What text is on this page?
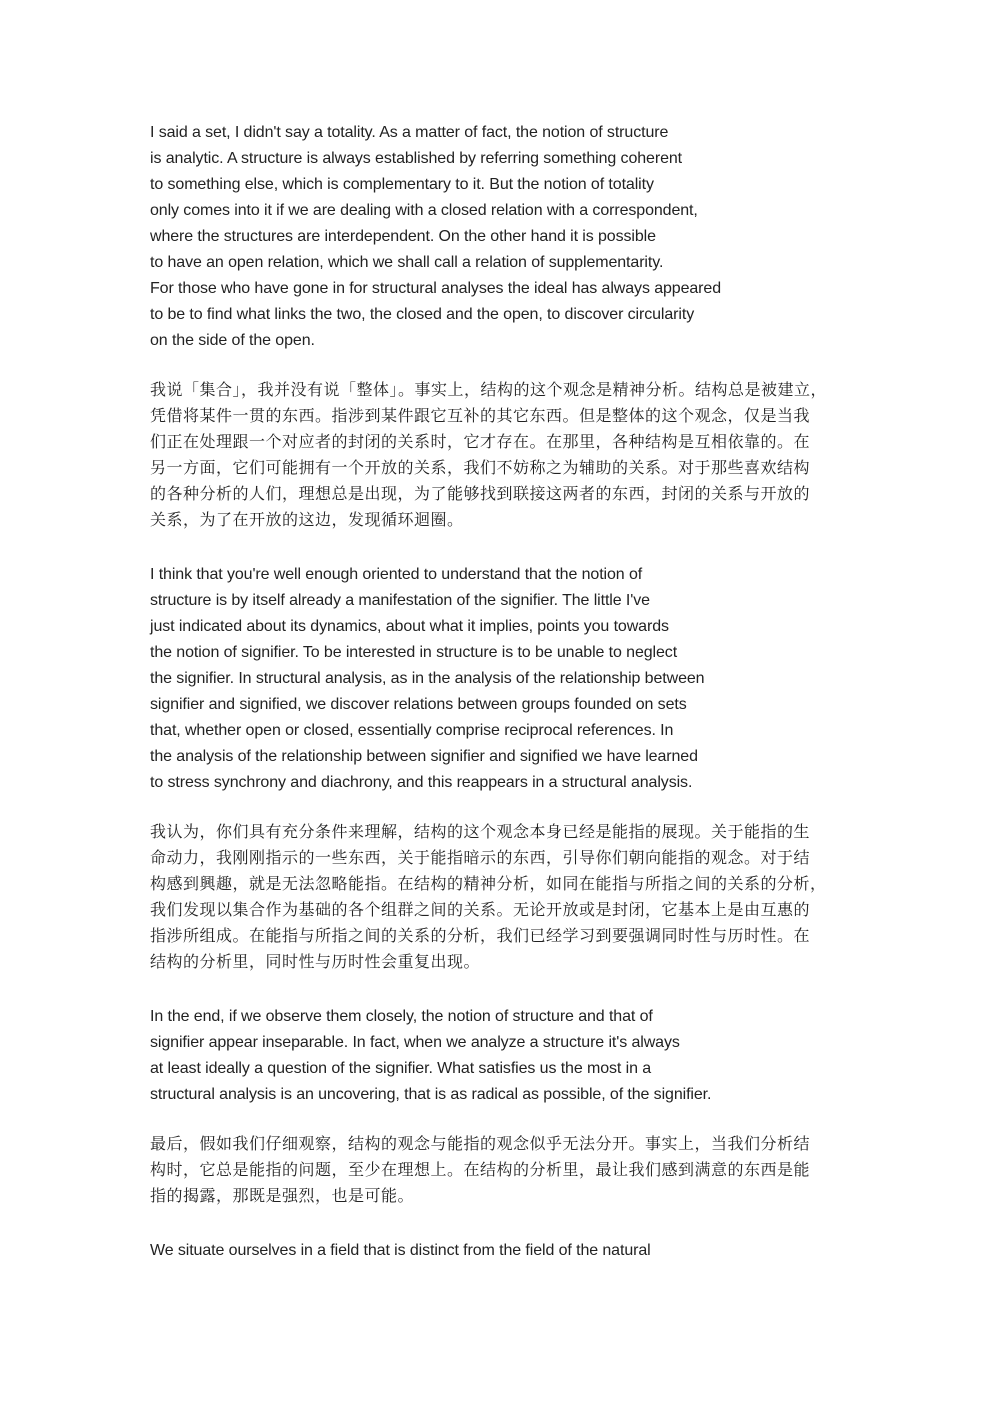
I said a set, I didn't say a totality. As a matter of fact, the notion of structure
is analytic. A structure is always established by referring something coherent
to something else, which is complementary to it. But the notion of totality
only comes into it if we are dealing with a closed relation with a correspondent,
where the structures are interdependent. On the other hand it is possible
to have an open relation, which we shall call a relation of supplementarity.
For those who have gone in for structural analyses the ideal has always appeared
to be to find what links the two, the closed and the open, to discover circularity
on the side of the open.

我说「集合」，我并没有说「整体」。事实上，结构的这个观念是精神分析。结构总是被建立，
凭借将某件一贯的东西。指涉到某件跟它互补的其它东西。但是整体的这个观念，仅是当我
们正在处理跟一个对应者的封闭的关系时，它才存在。在那里，各种结构是互相依靠的。在
另一方面，它们可能拥有一个开放的关系，我们不妨称之为辅助的关系。对于那些喜欢结构
的各种分析的人们，理想总是出现，为了能够找到联接这两者的东西，封闭的关系与开放的
关系，为了在开放的这边，发现循环迴圈。

I think that you're well enough oriented to understand that the notion of
structure is by itself already a manifestation of the signifier. The little I've
just indicated about its dynamics, about what it implies, points you towards
the notion of signifier. To be interested in structure is to be unable to neglect
the signifier. In structural analysis, as in the analysis of the relationship between
signifier and signified, we discover relations between groups founded on sets
that, whether open or closed, essentially comprise reciprocal references. In
the analysis of the relationship between signifier and signified we have learned
to stress synchrony and diachrony, and this reappears in a structural analysis.

我认为，你们具有充分条件来理解，结构的这个观念本身已经是能指的展现。关于能指的生
命动力，我刚刚指示的一些东西，关于能指暗示的东西，引导你们朝向能指的观念。对于结
构感到興趣，就是无法忽略能指。在结构的精神分析，如同在能指与所指之间的关系的分析，
我们发现以集合作为基础的各个组群之间的关系。无论开放或是封闭，它基本上是由互惠的
指涉所组成。在能指与所指之间的关系的分析，我们已经学习到要强调同时性与历时性。在
结构的分析里，同时性与历时性会重复出现。

In the end, if we observe them closely, the notion of structure and that of
signifier appear inseparable. In fact, when we analyze a structure it's always
at least ideally a question of the signifier. What satisfies us the most in a
structural analysis is an uncovering, that is as radical as possible, of the signifier.

最后，假如我们仔细观察，结构的观念与能指的观念似乎无法分开。事实上，当我们分析结
构时，它总是能指的问题，至少在理想上。在结构的分析里，最让我们感到满意的东西是能
指的揭露，那既是强烈，也是可能。

We situate ourselves in a field that is distinct from the field of the natural
